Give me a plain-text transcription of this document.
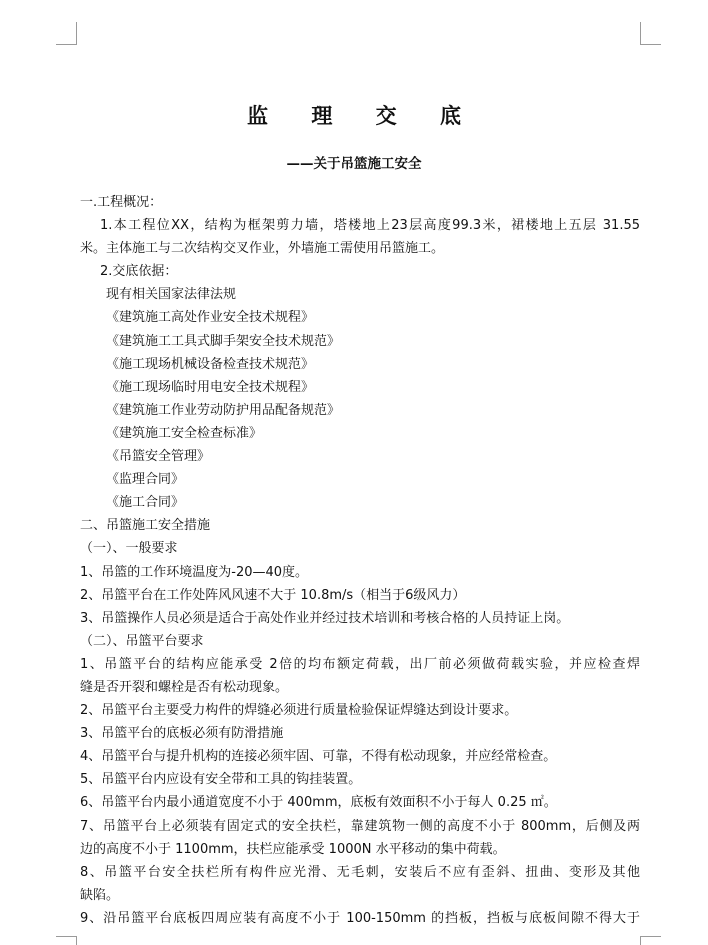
监 理 交 底
——关于吊篮施工安全
一.工程概况：
1.本工程位XX，结构为框架剪力墙，塔楼地上23层高度99.3米，裙楼地上五层 31.55
米。主体施工与二次结构交叉作业，外墙施工需使用吊篮施工。
2.交底依据：
现有相关国家法律法规
《建筑施工高处作业安全技术规程》
《建筑施工工具式脚手架安全技术规范》
《施工现场机械设备检查技术规范》
《施工现场临时用电安全技术规程》
《建筑施工作业劳动防护用品配备规范》
《建筑施工安全检查标准》
《吊篮安全管理》
《监理合同》
《施工合同》
二、吊篮施工安全措施
（一）、一般要求
1、吊篮的工作环境温度为-20—40度。
2、吊篮平台在工作处阵风风速不大于 10.8m/s（相当于6级风力）
3、吊篮操作人员必须是适合于高处作业并经过技术培训和考核合格的人员持证上岗。
（二）、吊篮平台要求
1、吊篮平台的结构应能承受 2倍的均布额定荷载，出厂前必须做荷载实验，并应检查焊
缝是否开裂和螺栓是否有松动现象。
2、吊篮平台主要受力构件的焊缝必须进行质量检验保证焊缝达到设计要求。
3、吊篮平台的底板必须有防滑措施
4、吊篮平台与提升机构的连接必须牢固、可靠，不得有松动现象，并应经常检查。
5、吊篮平台内应设有安全带和工具的钩挂装置。
6、吊篮平台内最小通道宽度不小于 400mm，底板有效面积不小于每人 0.25 ㎡。
7、吊篮平台上必须装有固定式的安全扶栏，靠建筑物一侧的高度不小于 800mm，后侧及两
边的高度不小于 1100mm，扶栏应能承受 1000N 水平移动的集中荷载。
8、吊篮平台安全扶栏所有构件应光滑、无毛刺，安装后不应有歪斜、扭曲、变形及其他
缺陷。
9、沿吊篮平台底板四周应装有高度不小于 100-150mm 的挡板，挡板与底板间隙不得大于
